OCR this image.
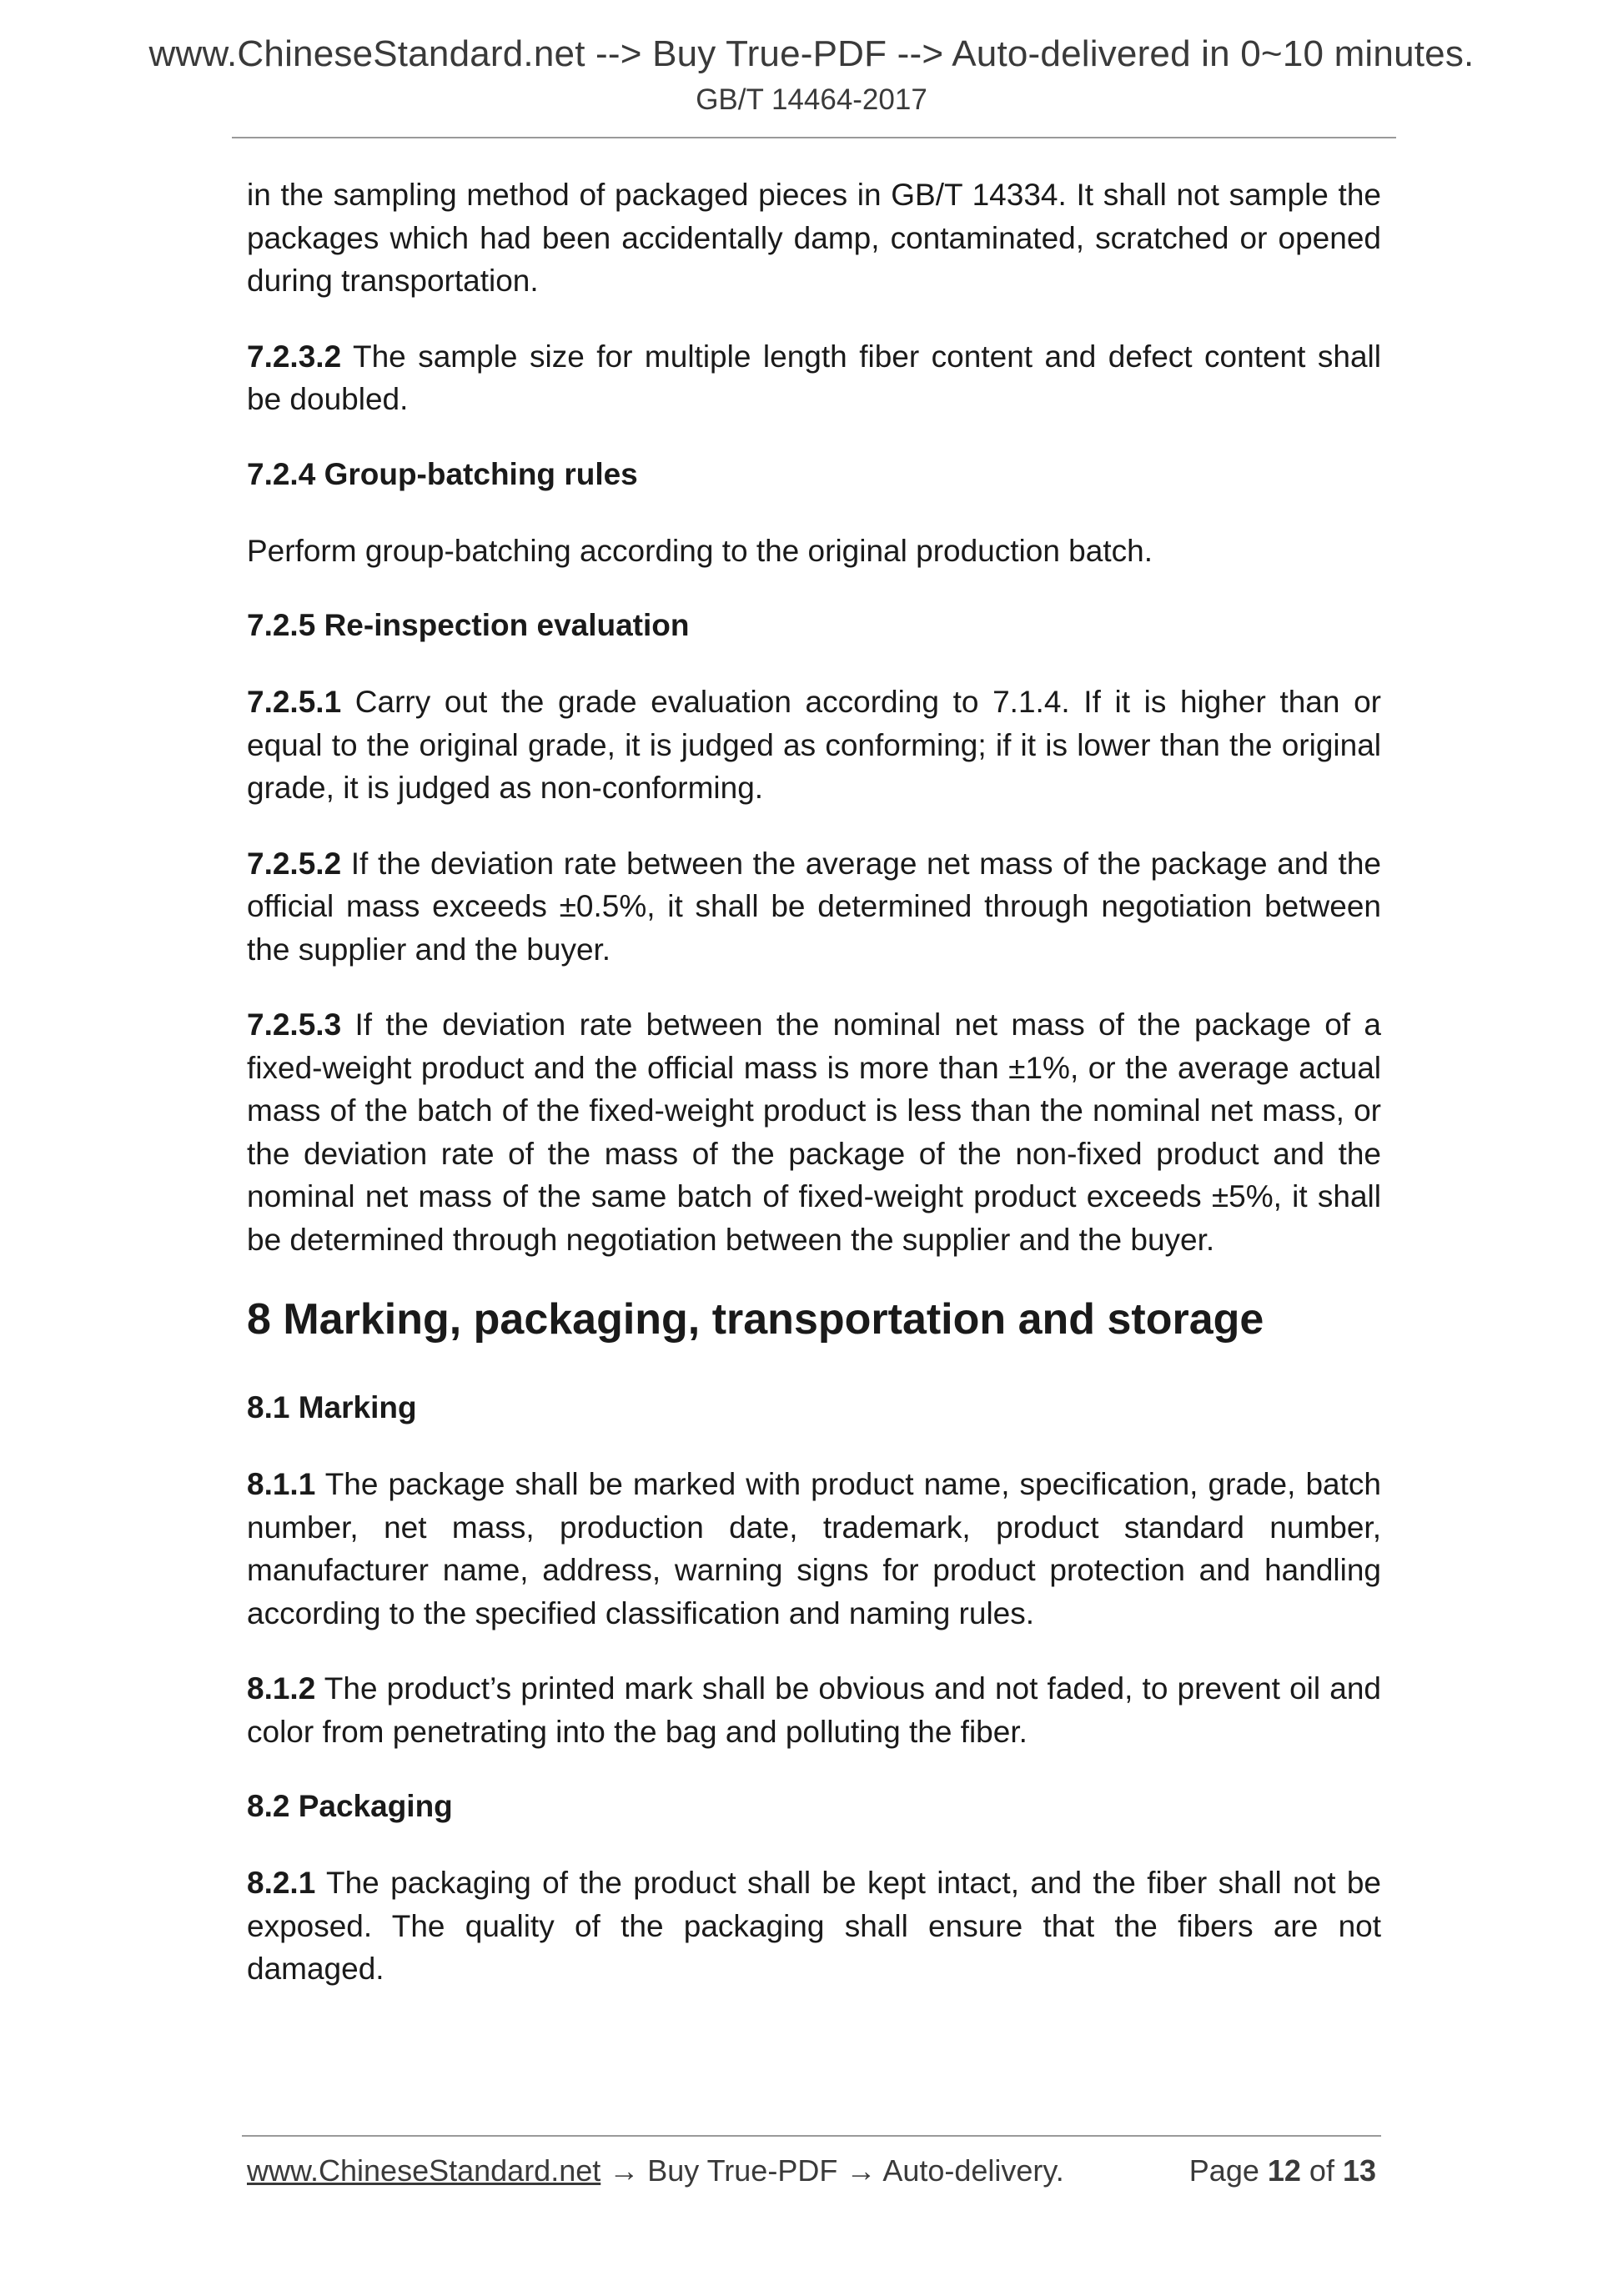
www.ChineseStandard.net --> Buy True-PDF --> Auto-delivered in 0~10 minutes.
GB/T 14464-2017

in the sampling method of packaged pieces in GB/T 14334. It shall not sample the packages which had been accidentally damp, contaminated, scratched or opened during transportation.

7.2.3.2 The sample size for multiple length fiber content and defect content shall be doubled.

7.2.4 Group-batching rules

Perform group-batching according to the original production batch.

7.2.5 Re-inspection evaluation

7.2.5.1 Carry out the grade evaluation according to 7.1.4. If it is higher than or equal to the original grade, it is judged as conforming; if it is lower than the original grade, it is judged as non-conforming.

7.2.5.2 If the deviation rate between the average net mass of the package and the official mass exceeds ±0.5%, it shall be determined through negotiation between the supplier and the buyer.

7.2.5.3 If the deviation rate between the nominal net mass of the package of a fixed-weight product and the official mass is more than ±1%, or the average actual mass of the batch of the fixed-weight product is less than the nominal net mass, or the deviation rate of the mass of the package of the non-fixed product and the nominal net mass of the same batch of fixed-weight product exceeds ±5%, it shall be determined through negotiation between the supplier and the buyer.

8 Marking, packaging, transportation and storage
8.1 Marking

8.1.1 The package shall be marked with product name, specification, grade, batch number, net mass, production date, trademark, product standard number, manufacturer name, address, warning signs for product protection and handling according to the specified classification and naming rules.

8.1.2 The product’s printed mark shall be obvious and not faded, to prevent oil and color from penetrating into the bag and polluting the fiber.

8.2 Packaging

8.2.1 The packaging of the product shall be kept intact, and the fiber shall not be exposed. The quality of the packaging shall ensure that the fibers are not damaged.

www.ChineseStandard.net → Buy True-PDF → Auto-delivery.	Page 12 of 13
